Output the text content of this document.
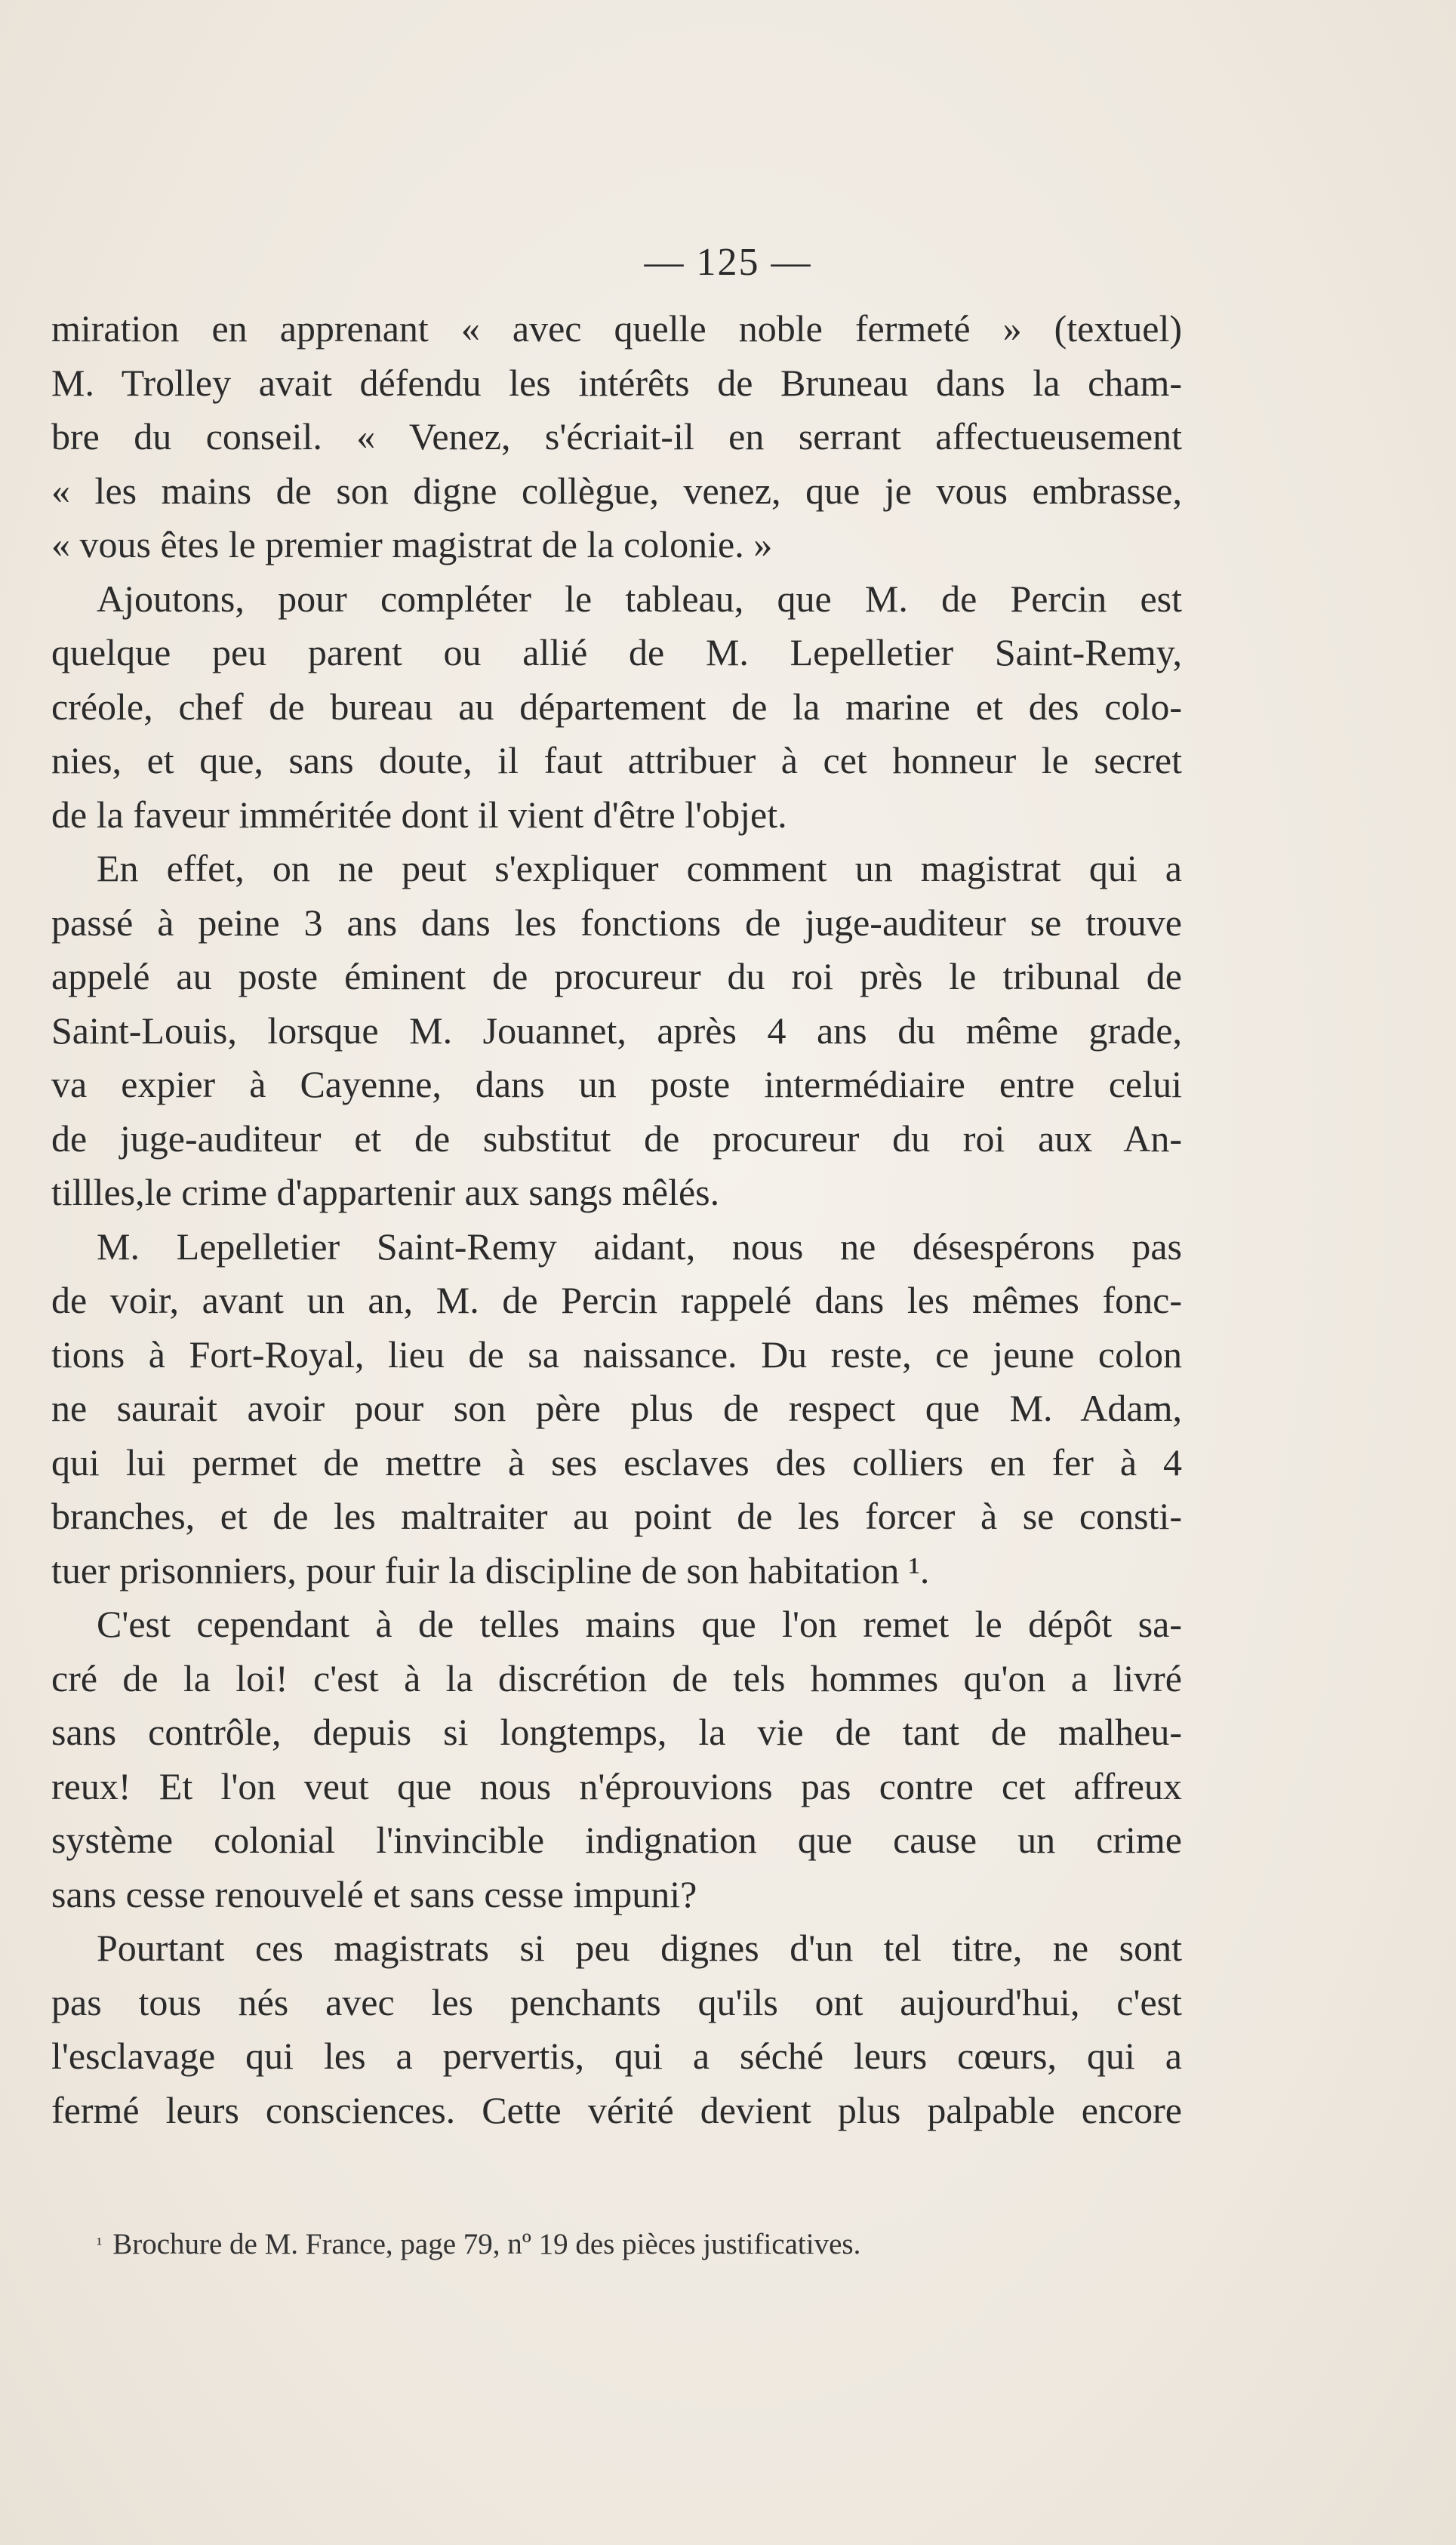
— 125 —

miration en apprenant « avec quelle noble fermeté » (textuel)
M. Trolley avait défendu les intérêts de Bruneau dans la cham-
bre du conseil. « Venez, s'écriait-il en serrant affectueusement
« les mains de son digne collègue, venez, que je vous embrasse,

« vous êtes le premier magistrat de la colonie. »

Ajoutons, pour compléter le tableau, que M. de Percin est
quelque peu parent ou allié de M. Lepelletier Saint-Remy,
créole, chef de bureau au département de la marine et des colo-
nies, et que, sans doute, il faut attribuer à cet honneur le secret

de la faveur imméritée dont il vient d'être l'objet.

En effet, on ne peut s'expliquer comment un magistrat qui a
passé à peine 3 ans dans les fonctions de juge-auditeur se trouve
appelé au poste éminent de procureur du roi près le tribunal de
Saint-Louis, lorsque M. Jouannet, après 4 ans du même grade,
va expier à Cayenne, dans un poste intermédiaire entre celui
de juge-auditeur et de substitut de procureur du roi aux An-

tillles,le crime d'appartenir aux sangs mêlés.

M. Lepelletier Saint-Remy aidant, nous ne désespérons pas
de voir, avant un an, M. de Percin rappelé dans les mêmes fonc-
tions à Fort-Royal, lieu de sa naissance. Du reste, ce jeune colon
ne saurait avoir pour son père plus de respect que M. Adam,
qui lui permet de mettre à ses esclaves des colliers en fer à 4
branches, et de les maltraiter au point de les forcer à se consti-

tuer prisonniers, pour fuir la discipline de son habitation ¹.

C'est cependant à de telles mains que l'on remet le dépôt sa-
cré de la loi! c'est à la discrétion de tels hommes qu'on a livré
sans contrôle, depuis si longtemps, la vie de tant de malheu-
reux! Et l'on veut que nous n'éprouvions pas contre cet affreux
système colonial l'invincible indignation que cause un crime

sans cesse renouvelé et sans cesse impuni?

Pourtant ces magistrats si peu dignes d'un tel titre, ne sont
pas tous nés avec les penchants qu'ils ont aujourd'hui, c'est
l'esclavage qui les a pervertis, qui a séché leurs cœurs, qui a
fermé leurs consciences. Cette vérité devient plus palpable encore

$^{^1}$ Brochure de M. France, page 79, nº 19 des pièces justificatives.
